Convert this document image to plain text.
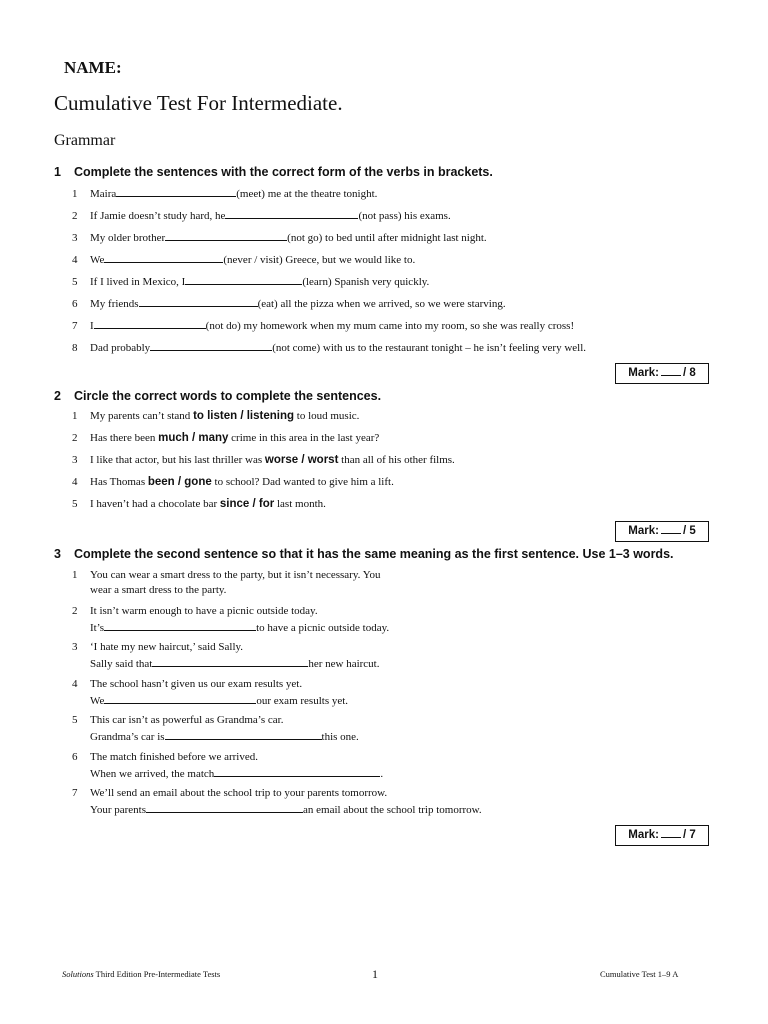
NAME:
Cumulative Test For Intermediate.
Grammar
1 Complete the sentences with the correct form of the verbs in brackets.
1 Maira	(meet) me at the theatre tonight.
2 If Jamie doesn’t study hard, he	(not pass) his exams.
3 My older brother	(not go) to bed until after midnight last night.
4 We	(never / visit) Greece, but we would like to.
5 If I lived in Mexico, I	(learn) Spanish very quickly.
6 My friends	(eat) all the pizza when we arrived, so we were starving.
7 I	(not do) my homework when my mum came into my room, so she was really cross!
8 Dad probably	(not come) with us to the restaurant tonight – he isn’t feeling very well.
Mark: / 8
2 Circle the correct words to complete the sentences.
1 My parents can’t stand to listen / listening to loud music.
2 Has there been much / many crime in this area in the last year?
3 I like that actor, but his last thriller was worse / worst than all of his other films.
4 Has Thomas been / gone to school? Dad wanted to give him a lift.
5 I haven’t had a chocolate bar since / for last month.
Mark: / 5
3 Complete the second sentence so that it has the same meaning as the first sentence. Use 1–3 words.
1 You can wear a smart dress to the party, but it isn’t necessary. You
wear a smart dress to the party.
2 It isn’t warm enough to have a picnic outside today.
It’s	to have a picnic outside today.
3 ‘I hate my new haircut,’ said Sally.
Sally said that	her new haircut.
4 The school hasn’t given us our exam results yet.
We	our exam results yet.
5 This car isn’t as powerful as Grandma’s car.
Grandma’s car is	this one.
6 The match finished before we arrived.
When we arrived, the match	.
7 We’ll send an email about the school trip to your parents tomorrow.
Your parents	an email about the school trip tomorrow.
Mark: / 7
Solutions Third Edition Pre-Intermediate Tests	1	Cumulative Test 1–9 A
